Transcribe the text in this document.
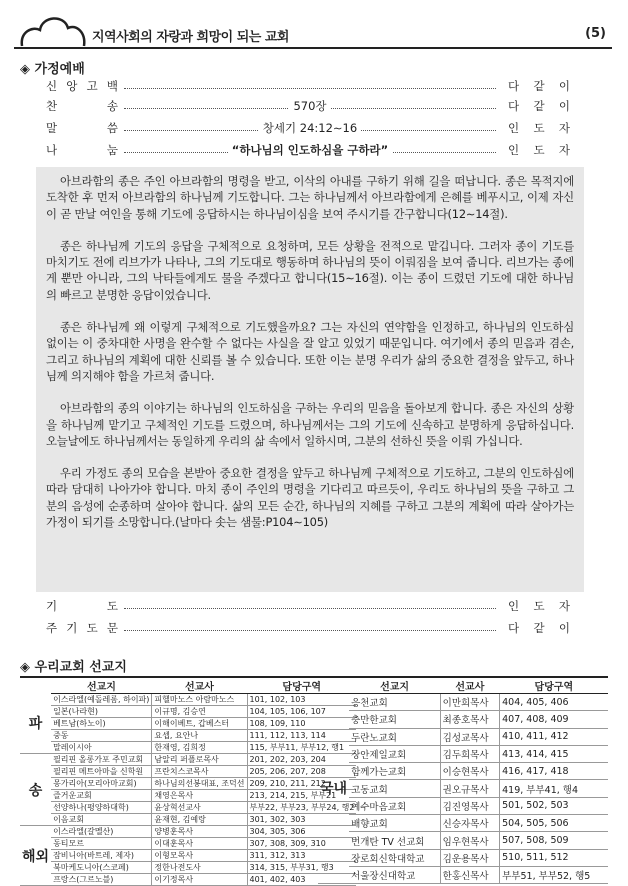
지역사회의 자랑과 희망이 되는 교회	(5)
◈ 가정예배
신 앙 고 백	다 같 이
찬	송	570장	다 같 이
말	씀	창세기 24:12∼16	인 도 자
나	눔	“하나님의 인도하심을 구하라”	인 도 자

아브라함의 종은 주인 아브라함의 명령을 받고, 이삭의 아내를 구하기 위해 길을 떠납니다. 종은 목적지에 도착한 후 먼저 아브라함의 하나님께 기도합니다. 그는 하나님께서 아브라함에게 은혜를 베푸시고, 이제 자신이 곧 만날 여인을 통해 기도에 응답하시는 하나님이심을 보여 주시기를 간구합니다(12∼14절).

종은 하나님께 기도의 응답을 구체적으로 요청하며, 모든 상황을 전적으로 맡깁니다. 그러자 종이 기도를 마치기도 전에 리브가가 나타나, 그의 기도대로 행동하며 하나님의 뜻이 이뤄짐을 보여 줍니다. 리브가는 종에게 뿐만 아니라, 그의 낙타들에게도 물을 주겠다고 합니다(15∼16절). 이는 종이 드렸던 기도에 대한 하나님의 빠르고 분명한 응답이었습니다.

종은 하나님께 왜 이렇게 구체적으로 기도했을까요? 그는 자신의 연약함을 인정하고, 하나님의 인도하심 없이는 이 중차대한 사명을 완수할 수 없다는 사실을 잘 알고 있었기 때문입니다. 여기에서 종의 믿음과 겸손, 그리고 하나님의 계획에 대한 신뢰를 볼 수 있습니다. 또한 이는 분명 우리가 삶의 중요한 결정을 앞두고, 하나님께 의지해야 함을 가르쳐 줍니다.

아브라함의 종의 이야기는 하나님의 인도하심을 구하는 우리의 믿음을 돌아보게 합니다. 종은 자신의 상황을 하나님께 맡기고 구체적인 기도를 드렸으며, 하나님께서는 그의 기도에 신속하고 분명하게 응답하십니다. 오늘날에도 하나님께서는 동일하게 우리의 삶 속에서 일하시며, 그분의 선하신 뜻을 이뤄 가십니다.

우리 가정도 종의 모습을 본받아 중요한 결정을 앞두고 하나님께 구체적으로 기도하고, 그분의 인도하심에 따라 담대히 나아가야 합니다. 마치 종이 주인의 명령을 기다리고 따르듯이, 우리도 하나님의 뜻을 구하고 그분의 음성에 순종하며 살아야 합니다. 삶의 모든 순간, 하나님의 지혜를 구하고 그분의 계획에 따라 살아가는 가정이 되기를 소망합니다.(날마다 솟는 샘물:P104∼105)

기	도	인 도 자
주 기 도 문	다 같 이
◈ 우리교회 선교지
	선교지	선교사	담당구역
파	이스라엘(예돌레롬, 하이파)	피헬마노스 아람마노스	101, 102, 103
	일본(나라현)	이규명, 김승연	104, 105, 106, 107
	베트남(하노이)	이해이베트, 갑베스터	108, 109, 110
	중동	요셉, 요안나	111, 112, 113, 114
	말레이시아	한재영, 김희정	115, 부부11, 부부12, 행1
송	필리핀 올롱가포 주민교회	남알리 퍼플로목사	201, 202, 203, 204
	필리핀 메트아마을 신학원	프란치스코목사	205, 206, 207, 208
	몽가리아(모리아마교회)	하나님의선봉대표, 조덕선	209, 210, 211, 212
	즐거운교회	채영은목사	213, 214, 215, 부부21
	선양하나(평양하대학)	윤상혁선교사	부부22, 부부23, 부부24, 행2
	이음교회	윤재현, 김예랑	301, 302, 303
해외	이스라엘(갈멜산)	양병훈목사	304, 305, 306
	동티모르	이대훈목사	307, 308, 309, 310
	잠비니아(바트레, 제자)	이형모목사	311, 312, 313
	북마케도니아(스코페)	정한나전도사	314, 315, 부부31, 행3
	프랑스(그르노블)	이기정목사	401, 402, 403
	선교지	선교사	담당구역
국내	응천교회	이만희목사	404, 405, 406
	충만한교회	최종호목사	407, 408, 409
	두란노교회	김성교목사	410, 411, 412
	장안제일교회	김두희목사	413, 414, 415
	함께가는교회	이승현목사	416, 417, 418
	고동교회	권오규목사	419, 부부41, 행4
	예수마음교회	김진영목사	501, 502, 503
	배향교회	신승자목사	504, 505, 506
	번개탄 TV 선교회	임우현목사	507, 508, 509
	장로회신학대학교	김운용목사	510, 511, 512
	서울장신대학교	한홍신목사	부부51, 부부52, 행5
